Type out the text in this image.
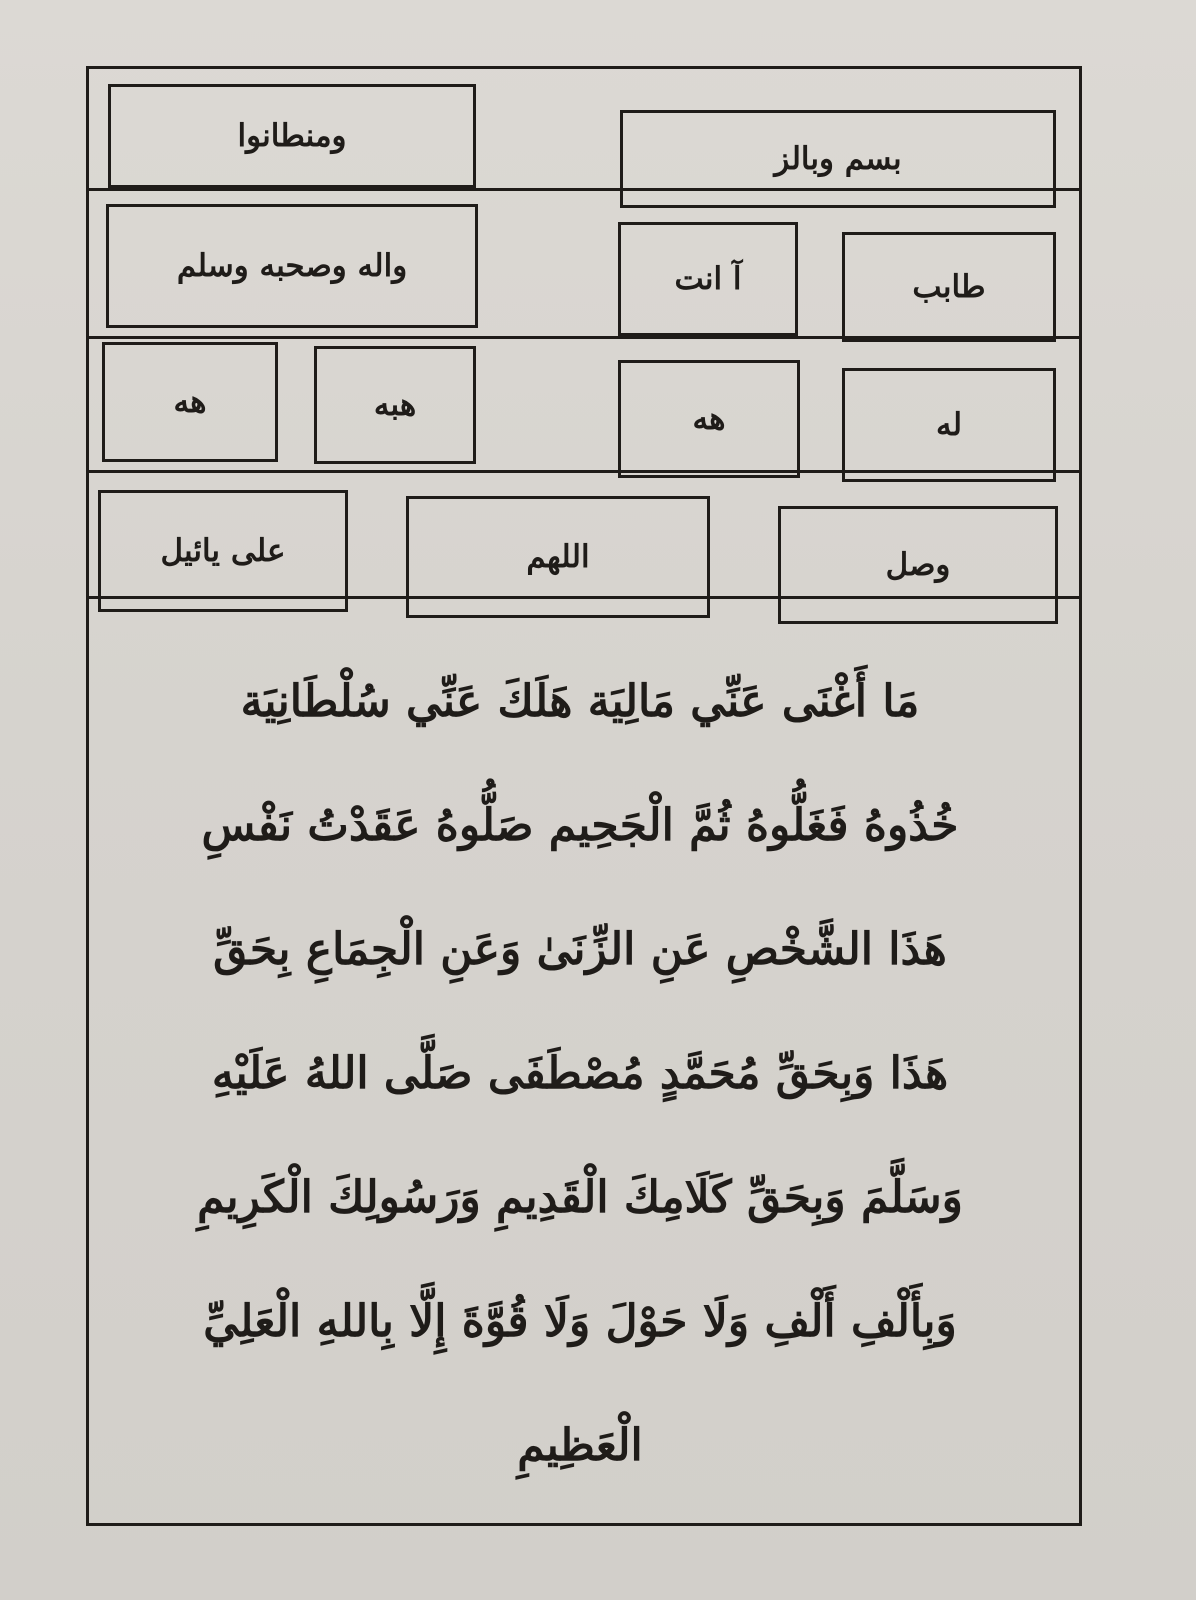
بسم وبالز
ومنطانوا
طابب
آ انت
واله وصحبه وسلم
له
هه
هبه
هه
وصل
اللهم
على يائيل
مَا أَغْنَى عَنِّي مَالِيَة هَلَكَ عَنِّي سُلْطَانِيَة
خُذُوهُ فَغَلُّوهُ ثُمَّ الْجَحِيم صَلُّوهُ عَقَدْتُ نَفْسِ
هَذَا الشَّخْصِ عَنِ الزِّنَىٰ وَعَنِ الْجِمَاعِ بِحَقِّ
هَذَا وَبِحَقِّ مُحَمَّدٍ مُصْطَفَى صَلَّى اللهُ عَلَيْهِ
وَسَلَّمَ وَبِحَقِّ كَلَامِكَ الْقَدِيمِ وَرَسُولِكَ الْكَرِيمِ
وَبِأَلْفِ أَلْفِ وَلَا حَوْلَ وَلَا قُوَّةَ إِلَّا بِاللهِ الْعَلِيِّ
الْعَظِيمِ
